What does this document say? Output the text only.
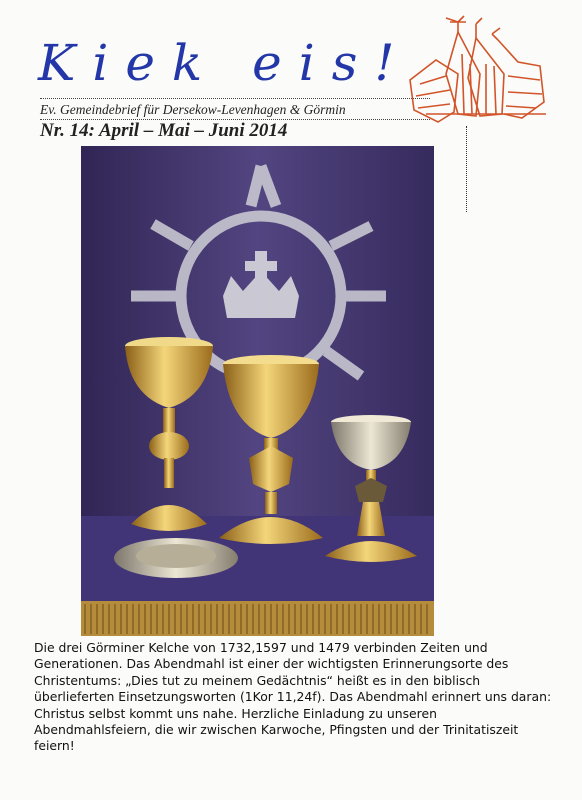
Kiek eis!
Ev. Gemeindebrief für Dersekow-Levenhagen & Görmin
Nr. 14: April – Mai – Juni 2014
Die drei Görminer Kelche von 1732,1597 und 1479 verbinden Zeiten und Generationen. Das Abendmahl ist einer der wichtigsten Erinnerungsorte des Christentums: „Dies tut zu meinem Gedächtnis“ heißt es in den biblisch überlieferten Einsetzungsworten (1Kor 11,24f). Das Abendmahl erinnert uns daran: Christus selbst kommt uns nahe. Herzliche Einladung zu unseren Abendmahlsfeiern, die wir zwischen Karwoche, Pfingsten und der Trinitatiszeit feiern!
